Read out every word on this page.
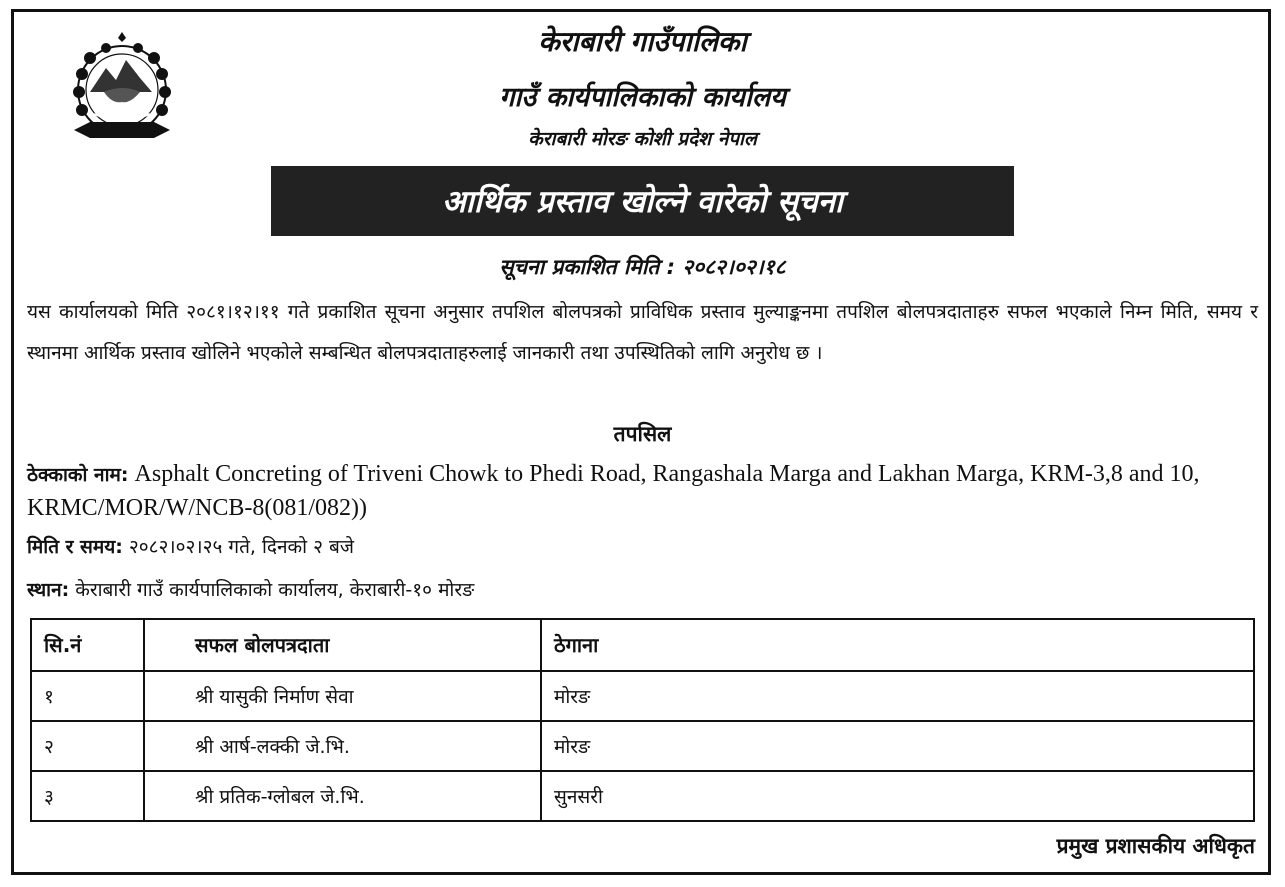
केराबारी गाउँपालिका
गाउँ कार्यपालिकाको कार्यालय
केराबारी मोरङ कोशी प्रदेश नेपाल
आर्थिक प्रस्ताव खोल्ने वारेको सूचना
सूचना प्रकाशित मिति : २०८२।०२।१८
यस कार्यालयको मिति २०८१।१२।११ गते प्रकाशित सूचना अनुसार तपशिल बोलपत्रको प्राविधिक प्रस्ताव मुल्याङ्कनमा तपशिल बोलपत्रदाताहरु सफल भएकाले निम्न मिति, समय र स्थानमा आर्थिक प्रस्ताव खोलिने भएकोले सम्बन्धित बोलपत्रदाताहरुलाई जानकारी तथा उपस्थितिको लागि अनुरोध छ ।
तपसिल
ठेक्काको नाम: Asphalt Concreting of Triveni Chowk to Phedi Road, Rangashala Marga and Lakhan Marga, KRM-3,8 and 10, KRMC/MOR/W/NCB-8(081/082))
मिति र समय: २०८२।०२।२५ गते, दिनको २ बजे
स्थान: केराबारी गाउँ कार्यपालिकाको कार्यालय, केराबारी-१० मोरङ
सि.नं	सफल बोलपत्रदाता	ठेगाना
१	श्री यासुकी निर्माण सेवा	मोरङ
२	श्री आर्ष-लक्की जे.भि.	मोरङ
३	श्री प्रतिक-ग्लोबल जे.भि.	सुनसरी
प्रमुख प्रशासकीय अधिकृत
